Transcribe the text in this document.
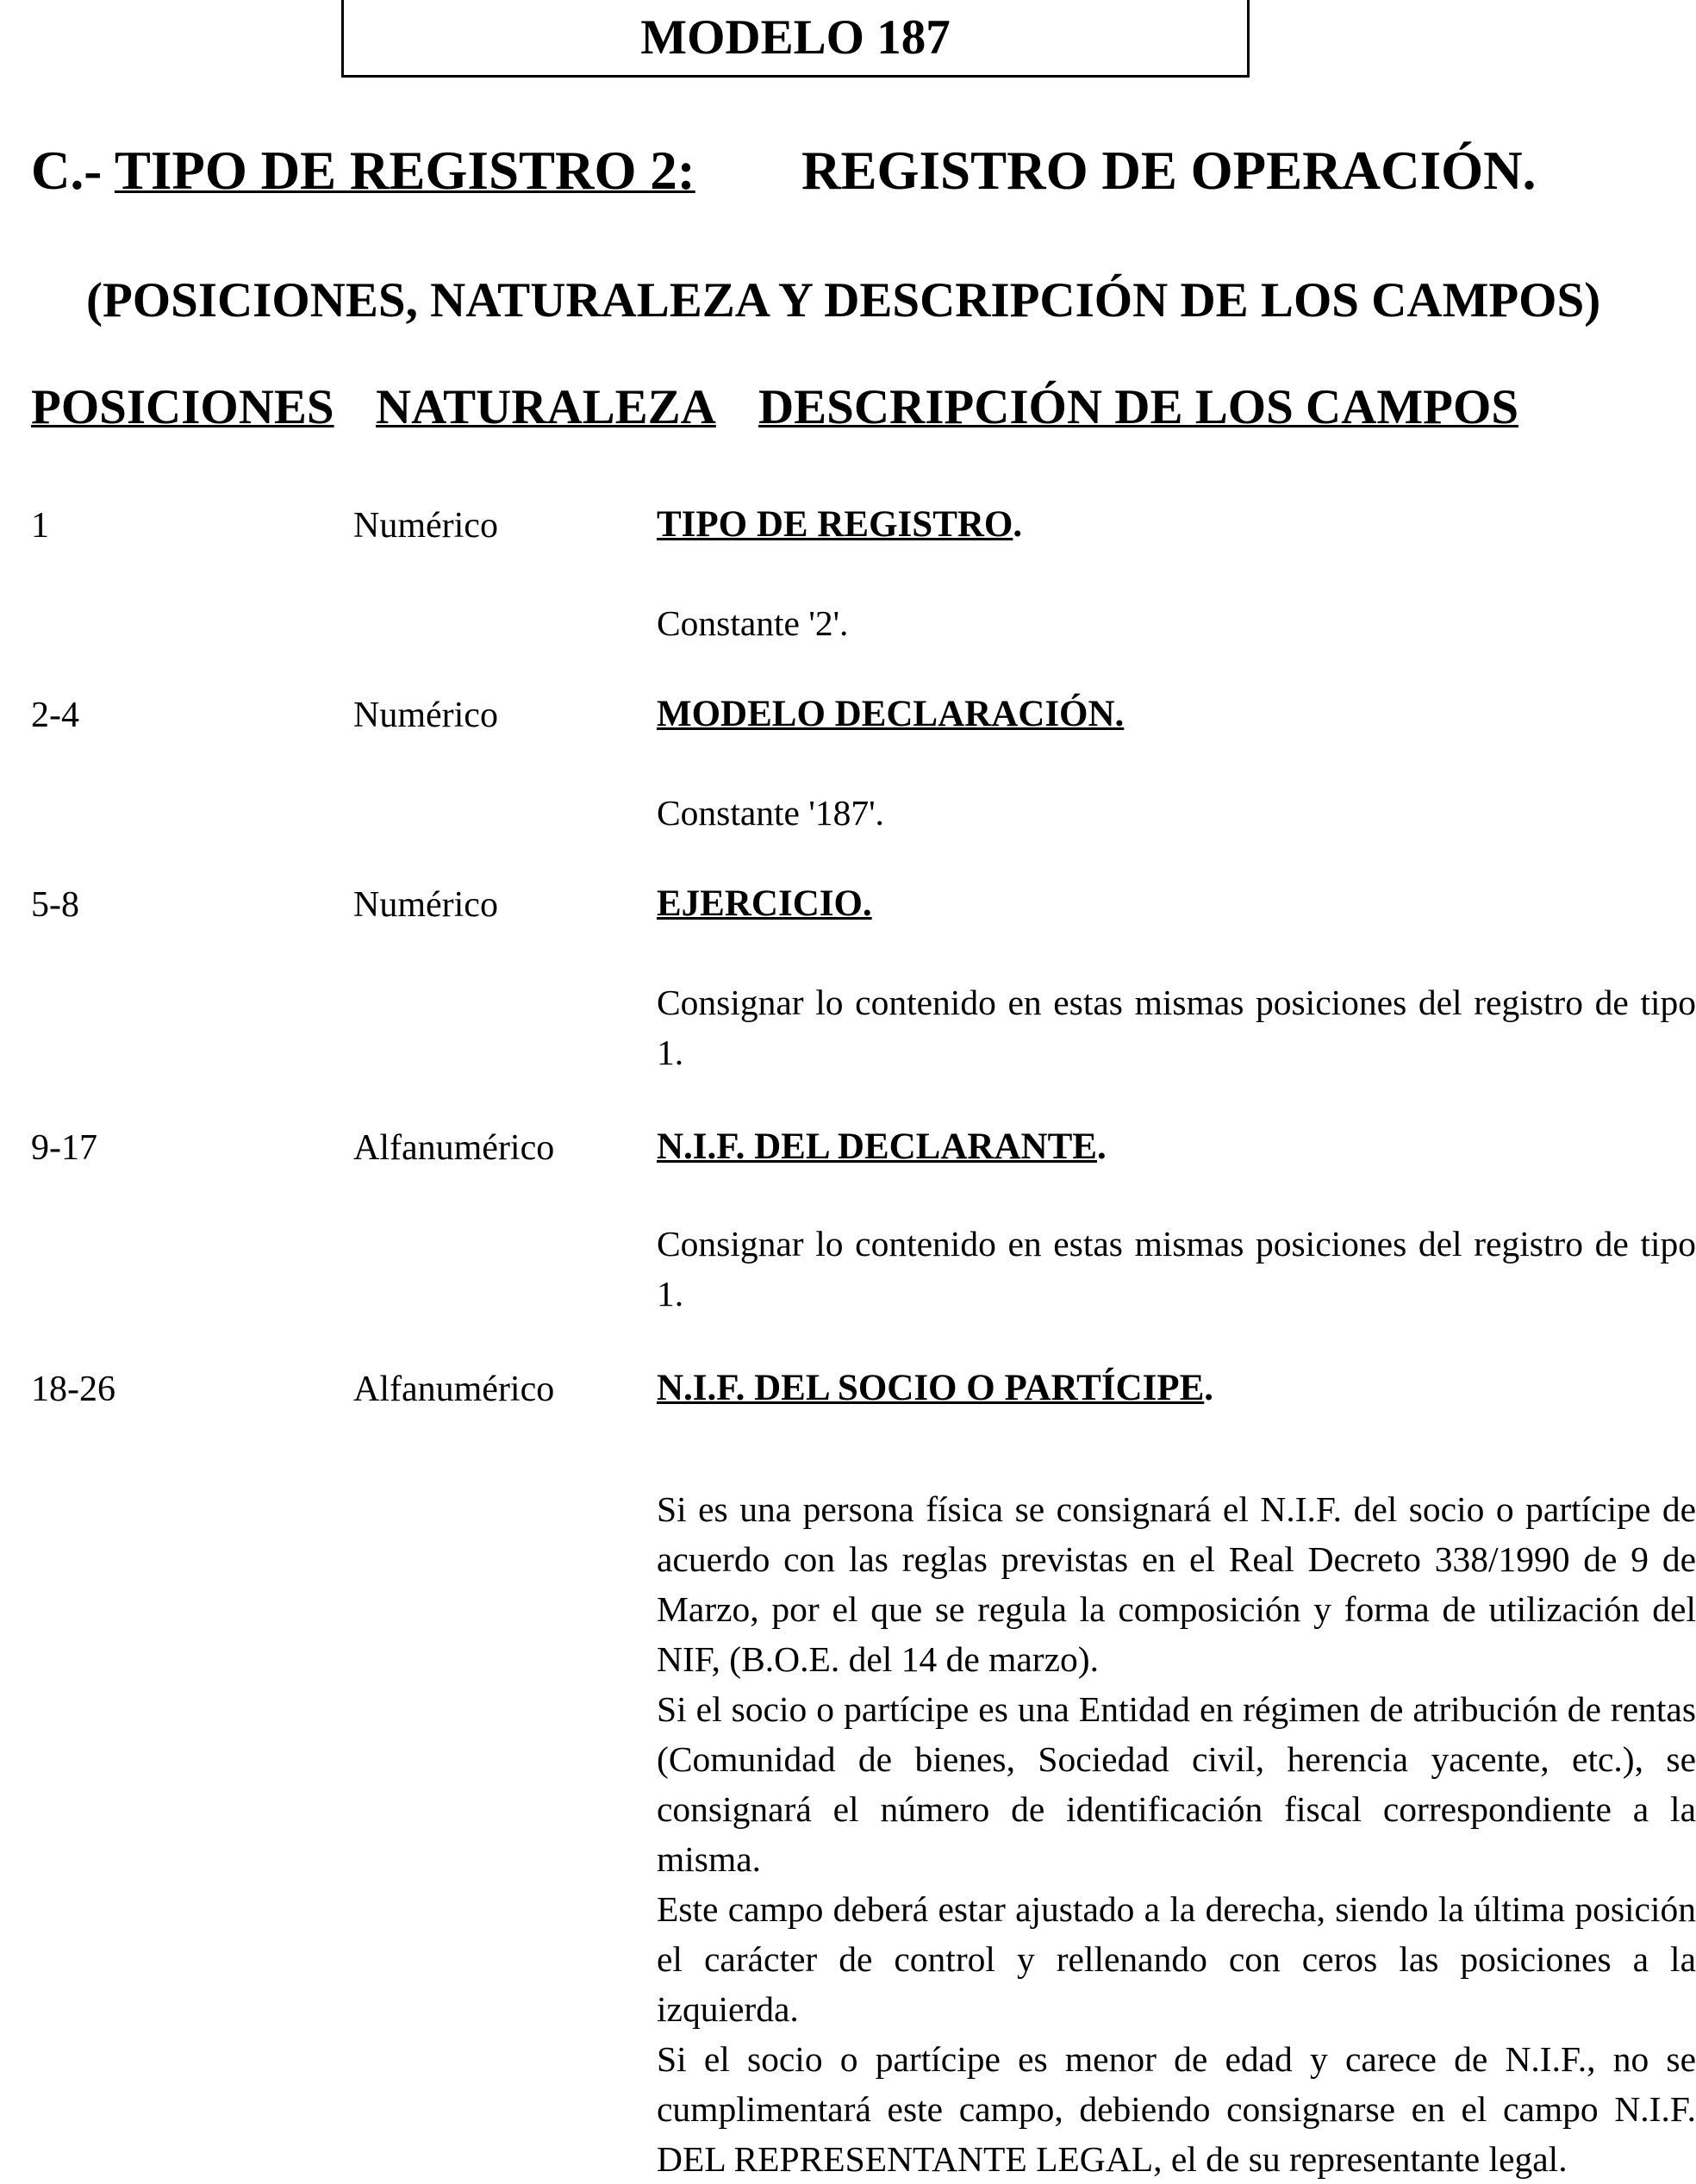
MODELO 187
C.- TIPO DE REGISTRO 2: REGISTRO DE OPERACIÓN.
(POSICIONES, NATURALEZA Y DESCRIPCIÓN DE LOS CAMPOS)
POSICIONES NATURALEZA DESCRIPCIÓN DE LOS CAMPOS
1	Numérico	TIPO DE REGISTRO.

Constante '2'.

2-4	Numérico	MODELO DECLARACIÓN.

Constante '187'.

5-8	Numérico	EJERCICIO.

Consignar lo contenido en estas mismas posiciones del registro de tipo 1.

9-17	Alfanumérico	N.I.F. DEL DECLARANTE.

Consignar lo contenido en estas mismas posiciones del registro de tipo 1.

18-26	Alfanumérico	N.I.F. DEL SOCIO O PARTÍCIPE.

Si es una persona física se consignará el N.I.F. del socio o partícipe de acuerdo con las reglas previstas en el Real Decreto 338/1990 de 9 de Marzo, por el que se regula la composición y forma de utilización del NIF, (B.O.E. del 14 de marzo).

Si el socio o partícipe es una Entidad en régimen de atribución de rentas (Comunidad de bienes, Sociedad civil, herencia yacente, etc.), se consignará el número de identificación fiscal correspondiente a la misma.

Este campo deberá estar ajustado a la derecha, siendo la última posición el carácter de control y rellenando con ceros las posiciones a la izquierda.

Si el socio o partícipe es menor de edad y carece de N.I.F., no se cumplimentará este campo, debiendo consignarse en el campo N.I.F. DEL REPRESENTANTE LEGAL, el de su representante legal.
